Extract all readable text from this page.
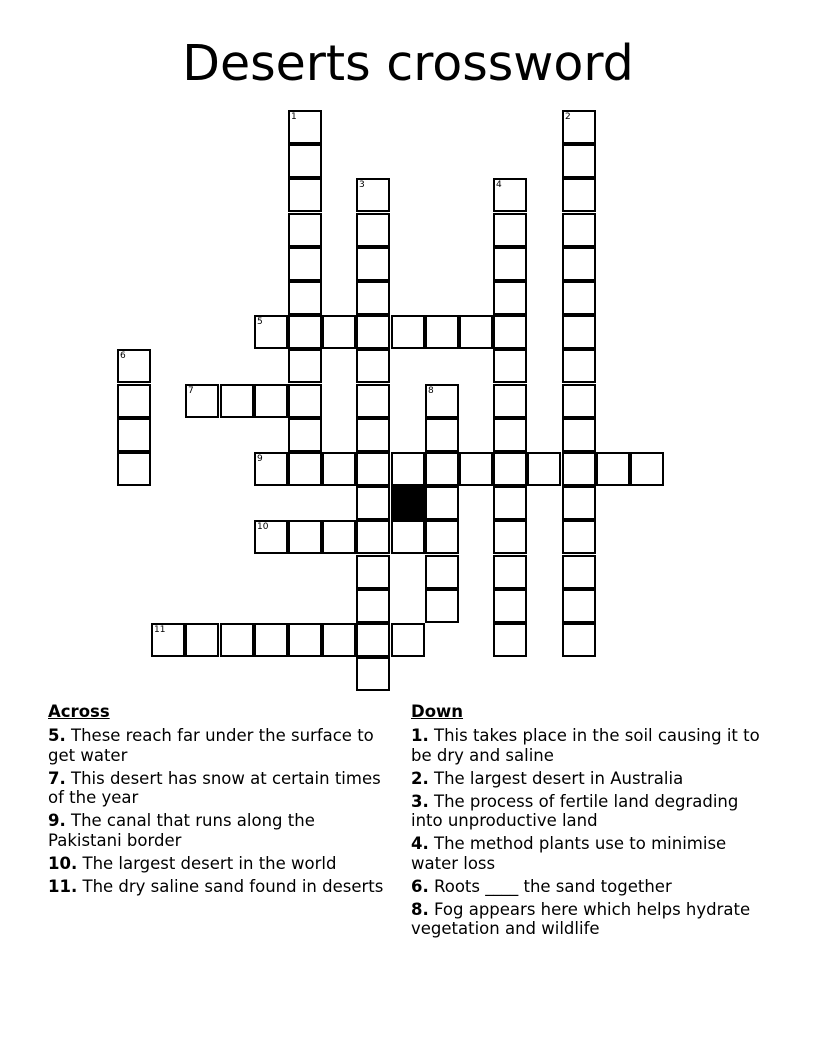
Deserts crossword
1	2
3	4
5
6
7	8
9
10
11
Across
5. These reach far under the surface to get water
7. This desert has snow at certain times of the year
9. The canal that runs along the Pakistani border
10. The largest desert in the world
11. The dry saline sand found in deserts
Down
1. This takes place in the soil causing it to be dry and saline
2. The largest desert in Australia
3. The process of fertile land degrading into unproductive land
4. The method plants use to minimise water loss
6. Roots ____ the sand together
8. Fog appears here which helps hydrate vegetation and wildlife
